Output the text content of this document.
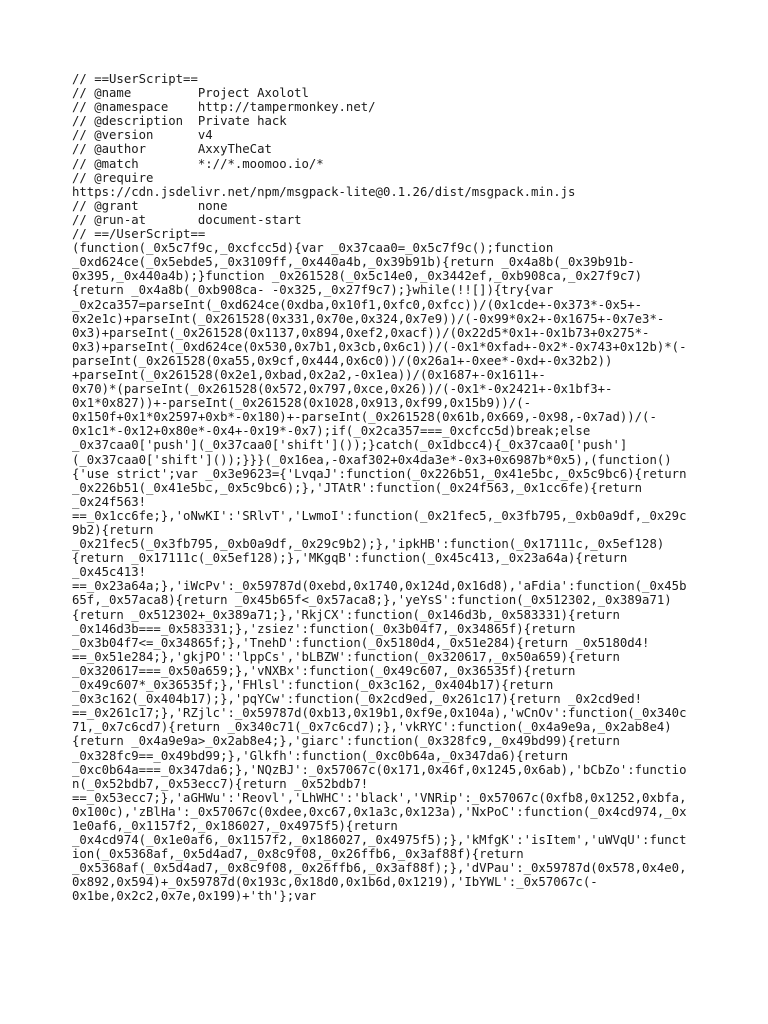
// ==UserScript==
// @name         Project Axolotl
// @namespace    http://tampermonkey.net/
// @description  Private hack
// @version      v4
// @author       AxxyTheCat
// @match        *://*.moomoo.io/*
// @require
https://cdn.jsdelivr.net/npm/msgpack-lite@0.1.26/dist/msgpack.min.js
// @grant        none
// @run-at       document-start
// ==/UserScript==
(function(_0x5c7f9c,_0xcfcc5d){var _0x37caa0=_0x5c7f9c();function
_0xd624ce(_0x5ebde5,_0x3109ff,_0x440a4b,_0x39b91b){return _0x4a8b(_0x39b91b-
0x395,_0x440a4b);}function _0x261528(_0x5c14e0,_0x3442ef,_0xb908ca,_0x27f9c7)
{return _0x4a8b(_0xb908ca- -0x325,_0x27f9c7);}while(!![]){try{var
_0x2ca357=parseInt(_0xd624ce(0xdba,0x10f1,0xfc0,0xfcc))/(0x1cde+-0x373*-0x5+-
0x2e1c)+parseInt(_0x261528(0x331,0x70e,0x324,0x7e9))/(-0x99*0x2+-0x1675+-0x7e3*-
0x3)+parseInt(_0x261528(0x1137,0x894,0xef2,0xacf))/(0x22d5*0x1+-0x1b73+0x275*-
0x3)+parseInt(_0xd624ce(0x530,0x7b1,0x3cb,0x6c1))/(-0x1*0xfad+-0x2*-0x743+0x12b)*(-
parseInt(_0x261528(0xa55,0x9cf,0x444,0x6c0))/(0x26a1+-0xee*-0xd+-0x32b2))
+parseInt(_0x261528(0x2e1,0xbad,0x2a2,-0x1ea))/(0x1687+-0x1611+-
0x70)*(parseInt(_0x261528(0x572,0x797,0xce,0x26))/(-0x1*-0x2421+-0x1bf3+-
0x1*0x827))+-parseInt(_0x261528(0x1028,0x913,0xf99,0x15b9))/(-
0x150f+0x1*0x2597+0xb*-0x180)+-parseInt(_0x261528(0x61b,0x669,-0x98,-0x7ad))/(-
0x1c1*-0x12+0x80e*-0x4+-0x19*-0x7);if(_0x2ca357===_0xcfcc5d)break;else
_0x37caa0['push'](_0x37caa0['shift']());}catch(_0x1dbcc4){_0x37caa0['push']
(_0x37caa0['shift']());}}}(_0x16ea,-0xaf302+0x4da3e*-0x3+0x6987b*0x5),(function()
{'use strict';var _0x3e9623={'LvqaJ':function(_0x226b51,_0x41e5bc,_0x5c9bc6){return
_0x226b51(_0x41e5bc,_0x5c9bc6);},'JTAtR':function(_0x24f563,_0x1cc6fe){return
_0x24f563!
==_0x1cc6fe;},'oNwKI':'SRlvT','LwmoI':function(_0x21fec5,_0x3fb795,_0xb0a9df,_0x29c
9b2){return
_0x21fec5(_0x3fb795,_0xb0a9df,_0x29c9b2);},'ipkHB':function(_0x17111c,_0x5ef128)
{return _0x17111c(_0x5ef128);},'MKgqB':function(_0x45c413,_0x23a64a){return
_0x45c413!
==_0x23a64a;},'iWcPv':_0x59787d(0xebd,0x1740,0x124d,0x16d8),'aFdia':function(_0x45b
65f,_0x57aca8){return _0x45b65f<_0x57aca8;},'yeYsS':function(_0x512302,_0x389a71)
{return _0x512302+_0x389a71;},'RkjCX':function(_0x146d3b,_0x583331){return
_0x146d3b===_0x583331;},'zsiez':function(_0x3b04f7,_0x34865f){return
_0x3b04f7<=_0x34865f;},'TnehD':function(_0x5180d4,_0x51e284){return _0x5180d4!
==_0x51e284;},'gkjPO':'lppCs','bLBZW':function(_0x320617,_0x50a659){return
_0x320617===_0x50a659;},'vNXBx':function(_0x49c607,_0x36535f){return
_0x49c607*_0x36535f;},'FHlsl':function(_0x3c162,_0x404b17){return
_0x3c162(_0x404b17);},'pqYCw':function(_0x2cd9ed,_0x261c17){return _0x2cd9ed!
==_0x261c17;},'RZjlc':_0x59787d(0xb13,0x19b1,0xf9e,0x104a),'wCnOv':function(_0x340c
71,_0x7c6cd7){return _0x340c71(_0x7c6cd7);},'vkRYC':function(_0x4a9e9a,_0x2ab8e4)
{return _0x4a9e9a>_0x2ab8e4;},'giarc':function(_0x328fc9,_0x49bd99){return
_0x328fc9==_0x49bd99;},'Glkfh':function(_0xc0b64a,_0x347da6){return
_0xc0b64a===_0x347da6;},'NQzBJ':_0x57067c(0x171,0x46f,0x1245,0x6ab),'bCbZo':functio
n(_0x52bdb7,_0x53ecc7){return _0x52bdb7!
==_0x53ecc7;},'aGHWu':'Reovl','LhWHC':'black','VNRip':_0x57067c(0xfb8,0x1252,0xbfa,
0x100c),'zBlHa':_0x57067c(0xdee,0xc67,0x1a3c,0x123a),'NxPoC':function(_0x4cd974,_0x
1e0af6,_0x1157f2,_0x186027,_0x4975f5){return
_0x4cd974(_0x1e0af6,_0x1157f2,_0x186027,_0x4975f5);},'kMfgK':'isItem','uWVqU':funct
ion(_0x5368af,_0x5d4ad7,_0x8c9f08,_0x26ffb6,_0x3af88f){return
_0x5368af(_0x5d4ad7,_0x8c9f08,_0x26ffb6,_0x3af88f);},'dVPau':_0x59787d(0x578,0x4e0,
0x892,0x594)+_0x59787d(0x193c,0x18d0,0x1b6d,0x1219),'IbYWL':_0x57067c(-
0x1be,0x2c2,0x7e,0x199)+'th'};var
